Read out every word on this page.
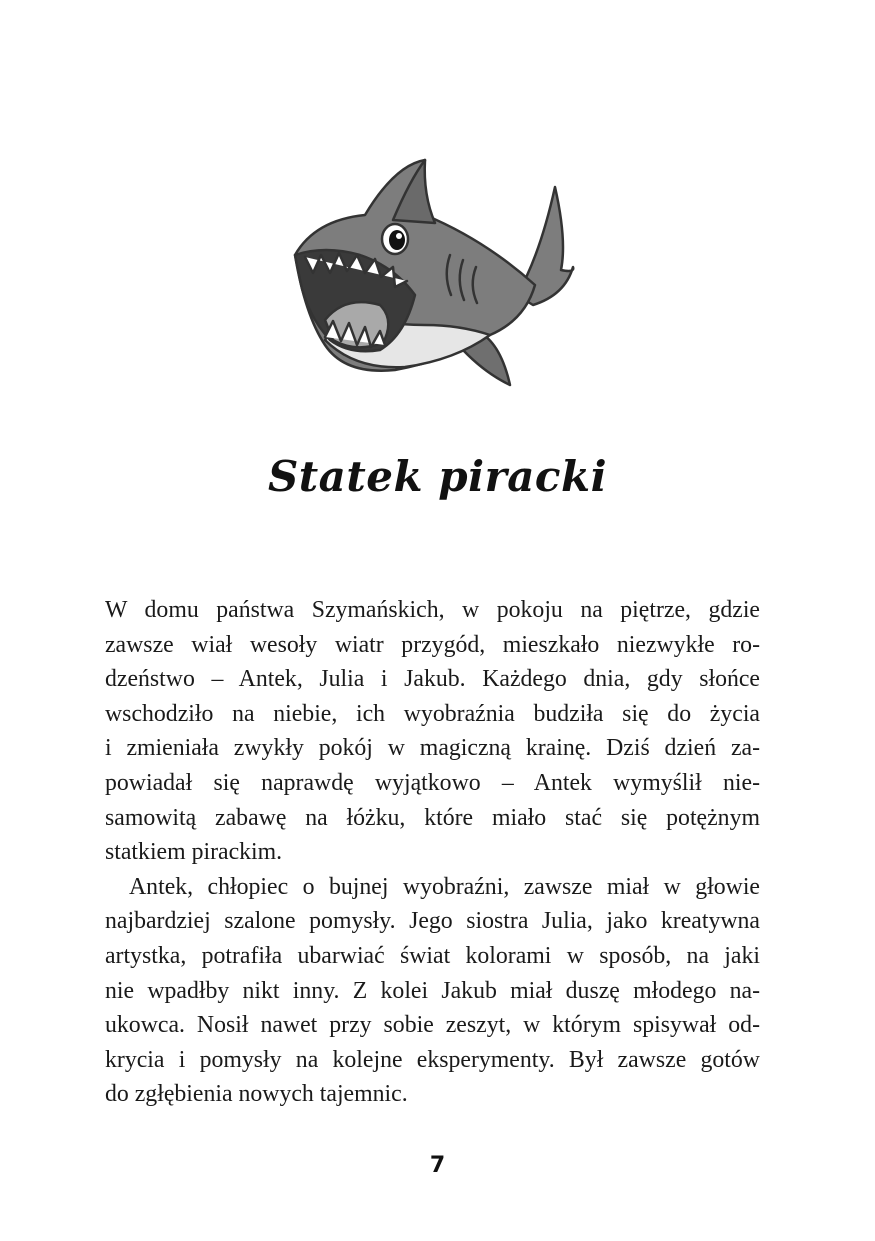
Statek piracki
W domu państwa Szymańskich, w pokoju na piętrze, gdzie
zawsze wiał wesoły wiatr przygód, mieszkało niezwykłe ro-
dzeństwo – Antek, Julia i Jakub. Każdego dnia, gdy słońce
wschodziło na niebie, ich wyobraźnia budziła się do życia
i zmieniała zwykły pokój w magiczną krainę. Dziś dzień za-
powiadał się naprawdę wyjątkowo – Antek wymyślił nie-
samowitą zabawę na łóżku, które miało stać się potężnym
statkiem pirackim.
Antek, chłopiec o bujnej wyobraźni, zawsze miał w głowie
najbardziej szalone pomysły. Jego siostra Julia, jako kreatywna
artystka, potrafiła ubarwiać świat kolorami w sposób, na jaki
nie wpadłby nikt inny. Z kolei Jakub miał duszę młodego na-
ukowca. Nosił nawet przy sobie zeszyt, w którym spisywał od-
krycia i pomysły na kolejne eksperymenty. Był zawsze gotów
do zgłębienia nowych tajemnic.
7
